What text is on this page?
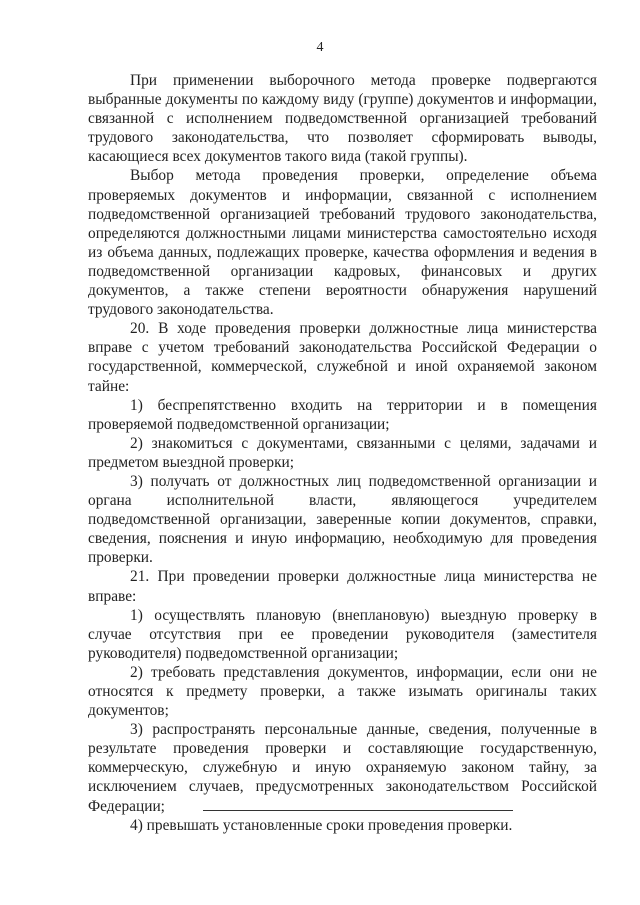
4

При применении выборочного метода проверке подвергаются выбранные документы по каждому виду (группе) документов и информации, связанной с исполнением подведомственной организацией требований трудового законодательства, что позволяет сформировать выводы, касающиеся всех документов такого вида (такой группы).

Выбор метода проведения проверки, определение объема проверяемых документов и информации, связанной с исполнением подведомственной организацией требований трудового законодательства, определяются должностными лицами министерства самостоятельно исходя из объема данных, подлежащих проверке, качества оформления и ведения в подведомственной организации кадровых, финансовых и других документов, а также степени вероятности обнаружения нарушений трудового законодательства.

20. В ходе проведения проверки должностные лица министерства вправе с учетом требований законодательства Российской Федерации о государственной, коммерческой, служебной и иной охраняемой законом тайне:

1) беспрепятственно входить на территории и в помещения проверяемой подведомственной организации;

2) знакомиться с документами, связанными с целями, задачами и предметом выездной проверки;

3) получать от должностных лиц подведомственной организации и органа исполнительной власти, являющегося учредителем подведомственной организации, заверенные копии документов, справки, сведения, пояснения и иную информацию, необходимую для проведения проверки.

21. При проведении проверки должностные лица министерства не вправе:

1) осуществлять плановую (внеплановую) выездную проверку в случае отсутствия при ее проведении руководителя (заместителя руководителя) подведомственной организации;

2) требовать представления документов, информации, если они не относятся к предмету проверки, а также изымать оригиналы таких документов;

3) распространять персональные данные, сведения, полученные в результате проведения проверки и составляющие государственную, коммерческую, служебную и иную охраняемую законом тайну, за исключением случаев, предусмотренных законодательством Российской Федерации;

4) превышать установленные сроки проведения проверки.
